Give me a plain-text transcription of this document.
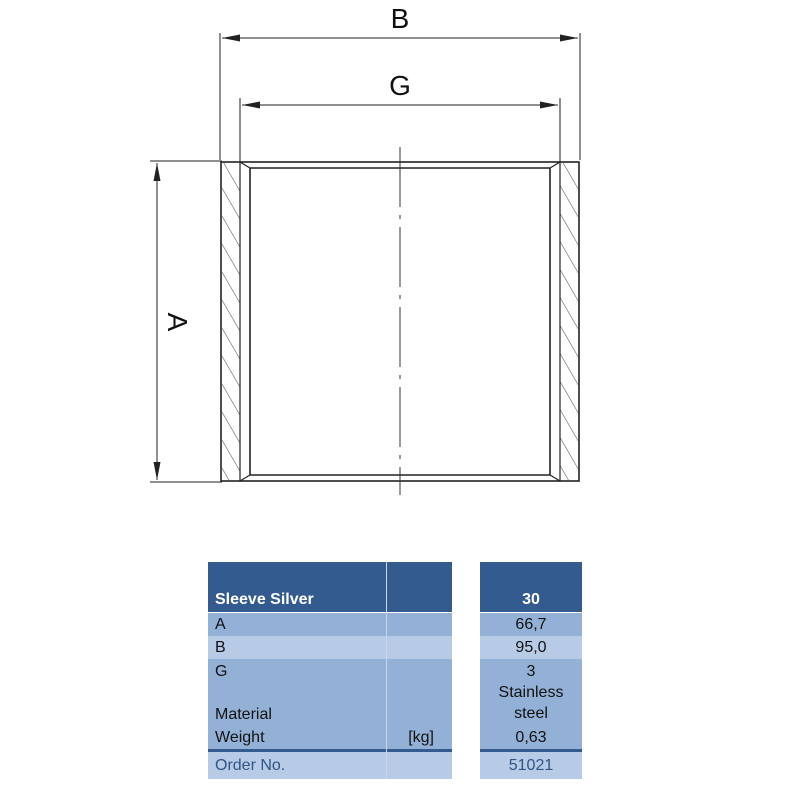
B
G
A
Sleeve Silver
A
B
G
Material
Weight	[kg]
Order No.
30
66,7
95,0
3
Stainless
steel
0,63
51021
